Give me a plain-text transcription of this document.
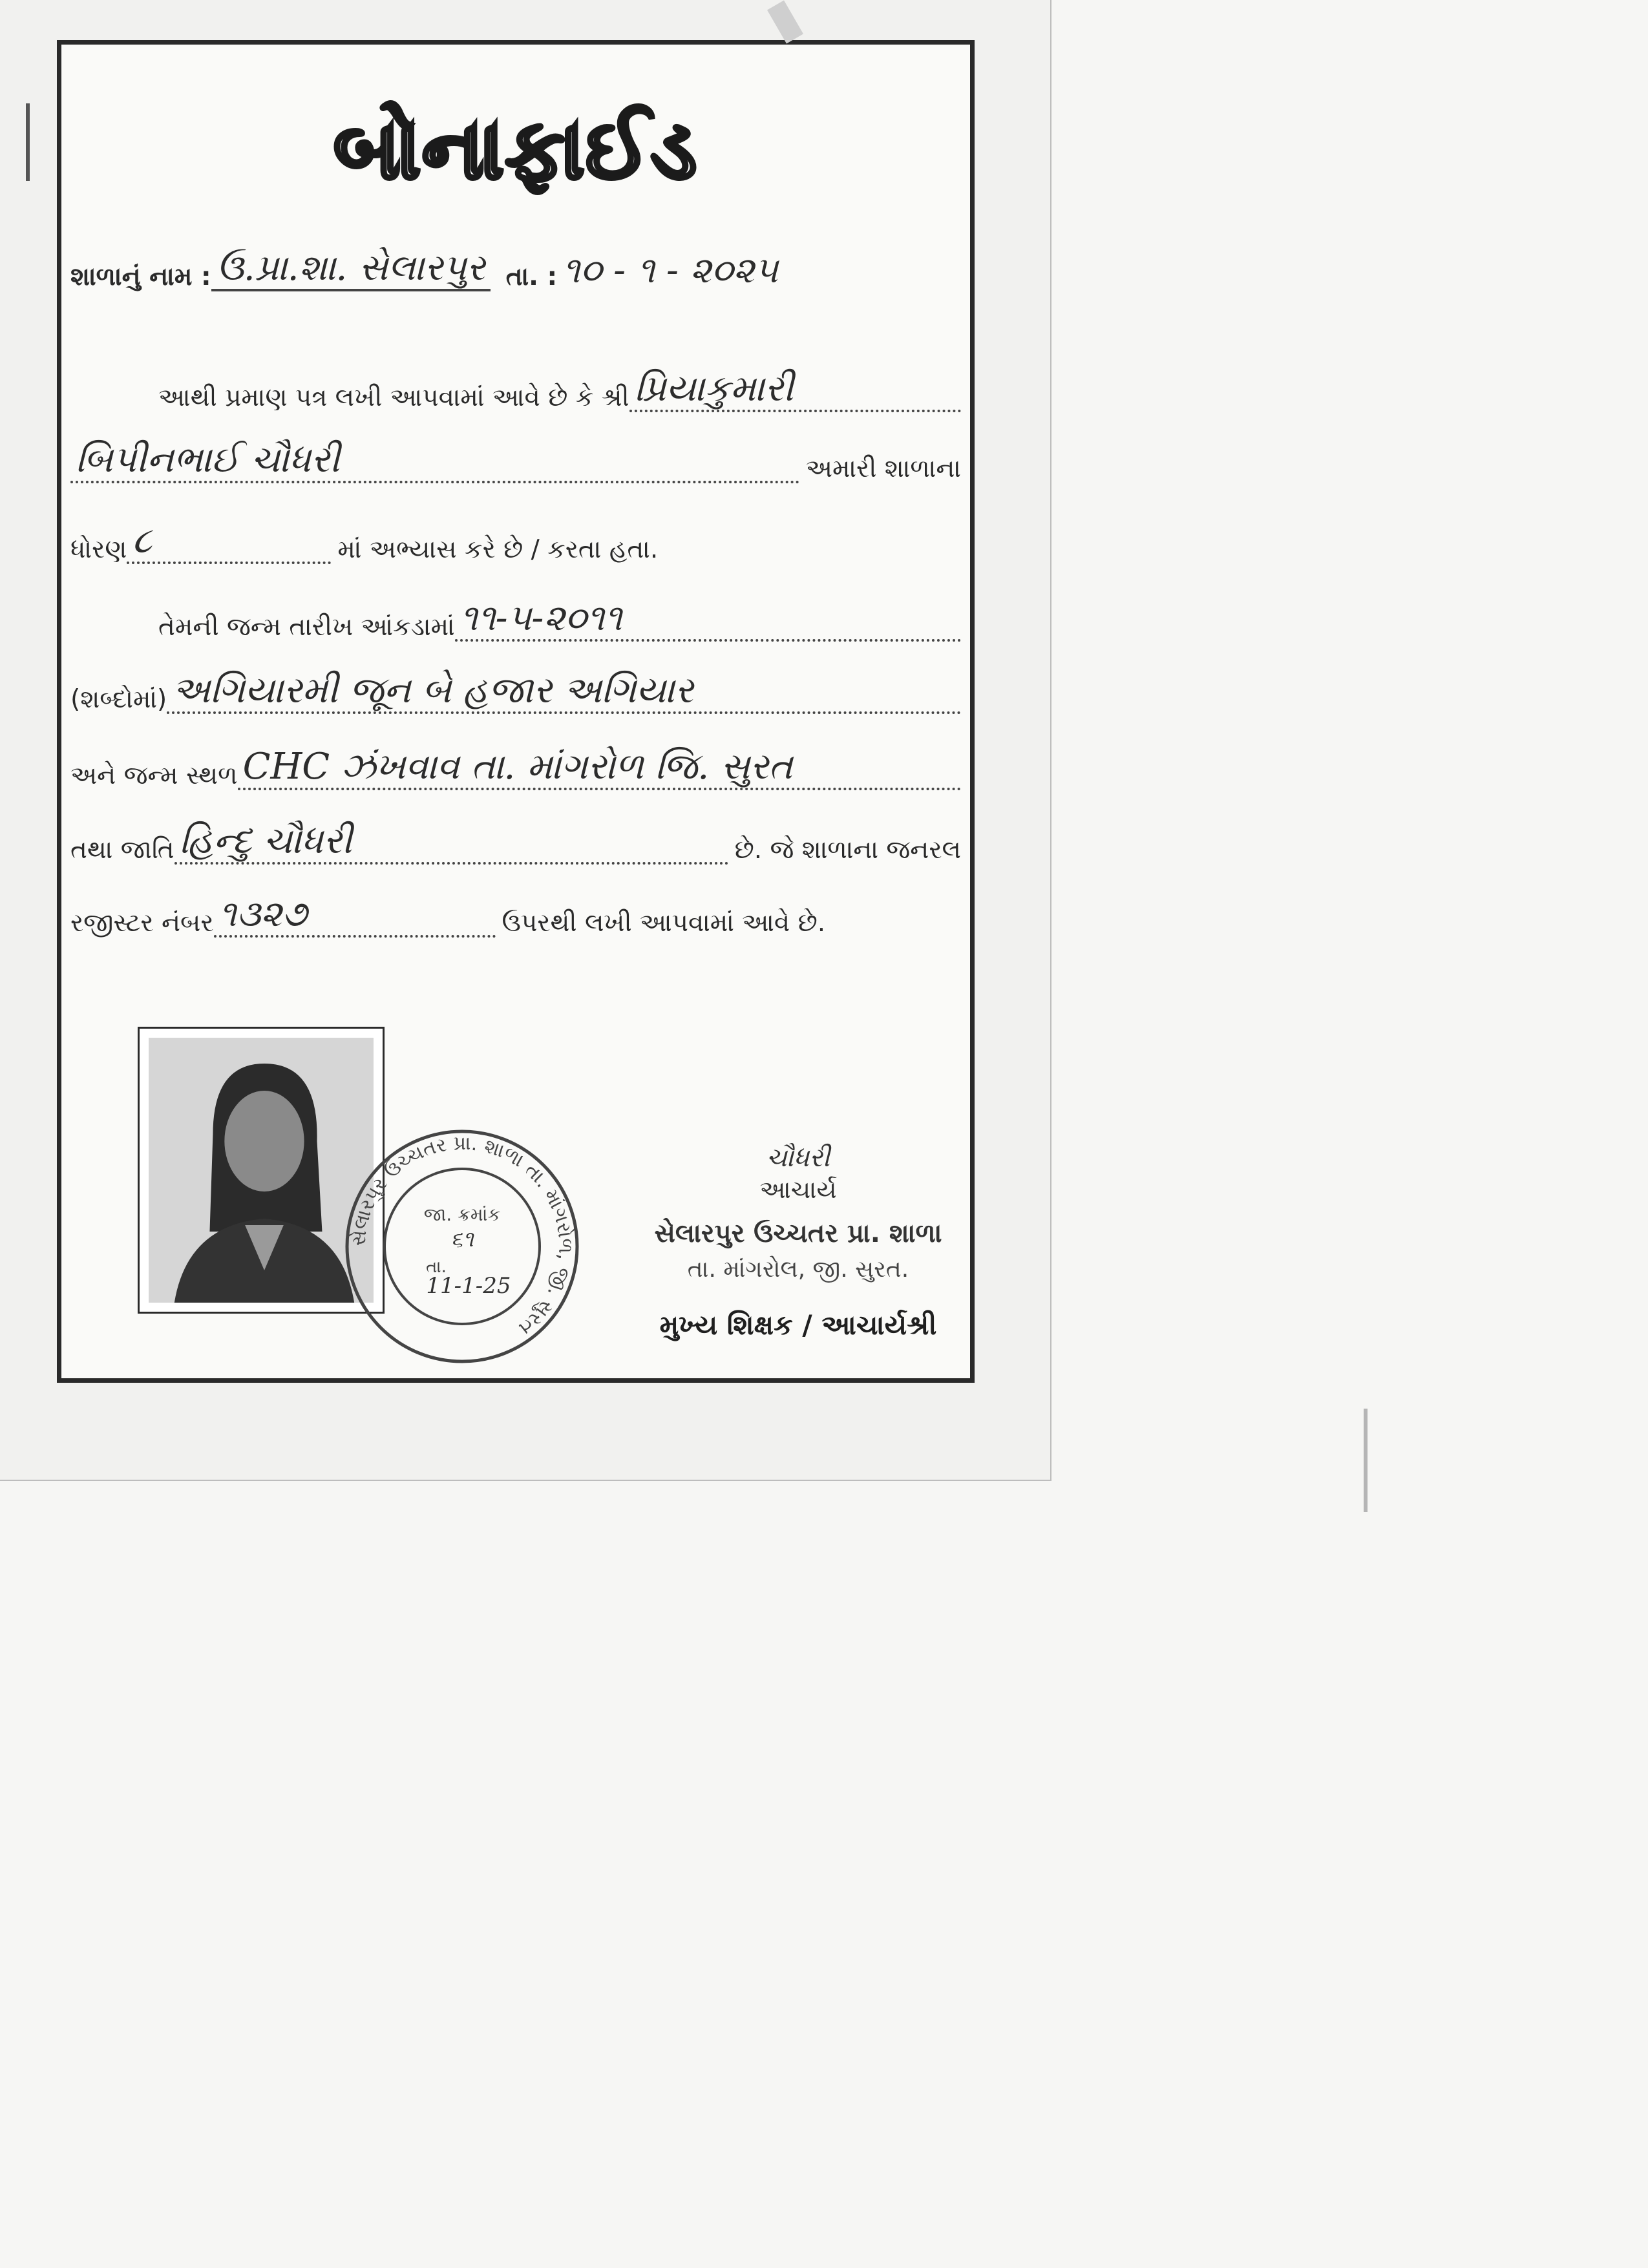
બોનાફાઈડ
શાળાનું નામ : ઉ.પ્રા.શા. સેલારપુર તા. : ૧૦ - ૧ - ૨૦૨૫
આથી પ્રમાણ પત્ર લખી આપવામાં આવે છે કે શ્રી પ્રિયાકુમારી
બિપીનભાઈ ચૌધરી	અમારી શાળાના
ધોરણ ૮	માં અભ્યાસ કરે છે / કરતા હતા.
તેમની જન્મ તારીખ આંકડામાં ૧૧-૫-૨૦૧૧
(શબ્દોમાં) અગિયારમી જૂન બે હજાર અગિયાર
અને જન્મ સ્થળ CHC ઝંખવાવ તા. માંગરોળ જિ. સુરત
તથા જાતિ હિન્દુ ચૌધરી	છે. જે શાળાના જનરલ
રજીસ્ટર નંબર ૧૩૨૭	ઉપરથી લખી આપવામાં આવે છે.
સેલારપુર ઉચ્ચતર પ્રા. શાળા તા. માંગરોળ, જી. સુરત
જા. ક્રમાંક
૬૧
તા.
11-1-25
ચૌધરી
આચાર્ય
સેલારપુર ઉચ્ચતર પ્રા. શાળા
તા. માંગરોલ, જી. સુરત.
મુખ્ય શિક્ષક / આચાર્યશ્રી
